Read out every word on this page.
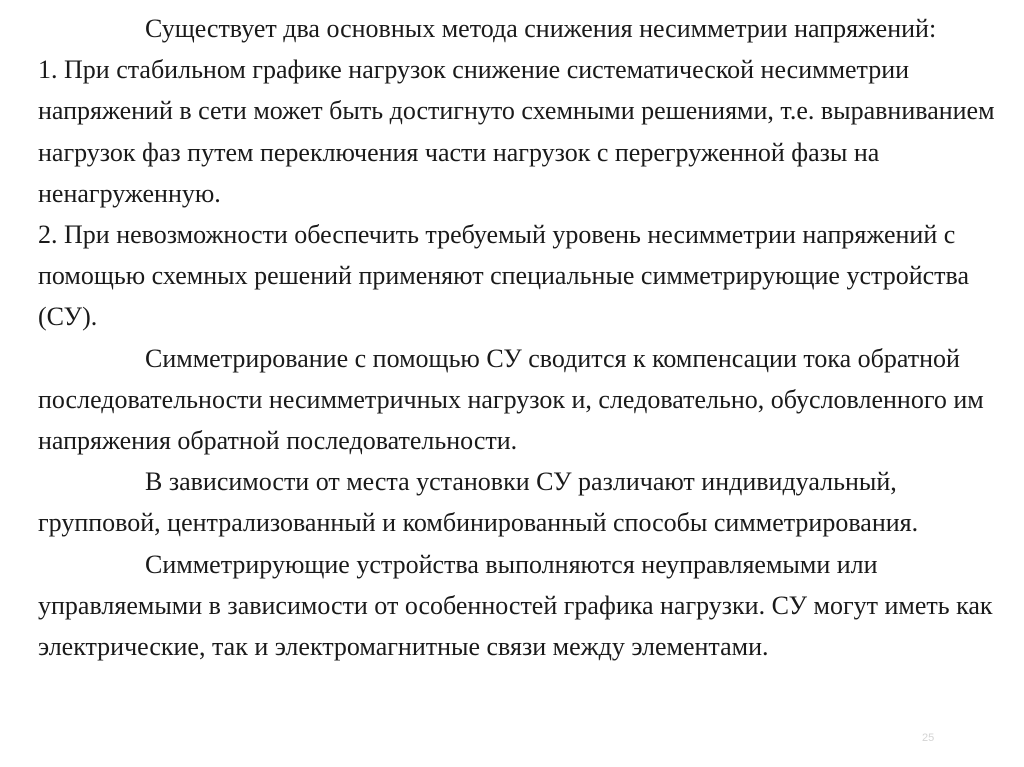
Существует два основных метода снижения несимметрии напряжений:

1. При стабильном графике нагрузок снижение систематической несимметрии напряжений в сети может быть достигнуто схемными решениями, т.е. выравниванием нагрузок фаз путем переключения части нагрузок с перегруженной фазы на ненагруженную.

2. При невозможности обеспечить требуемый уровень несимметрии напряжений с помощью схемных решений применяют специальные симметрирующие устройства (СУ).

Симметрирование с помощью СУ сводится к компенсации тока обратной последовательности несимметричных нагрузок и, следовательно, обусловленного им напряжения обратной последовательности.

В зависимости от места установки СУ различают индивидуальный, групповой, централизованный и комбинированный способы симметрирования.

Симметрирующие устройства выполняются неуправляемыми или управляемыми в зависимости от особенностей графика нагрузки. СУ могут иметь как электрические, так и электромагнитные связи между элементами.

25
